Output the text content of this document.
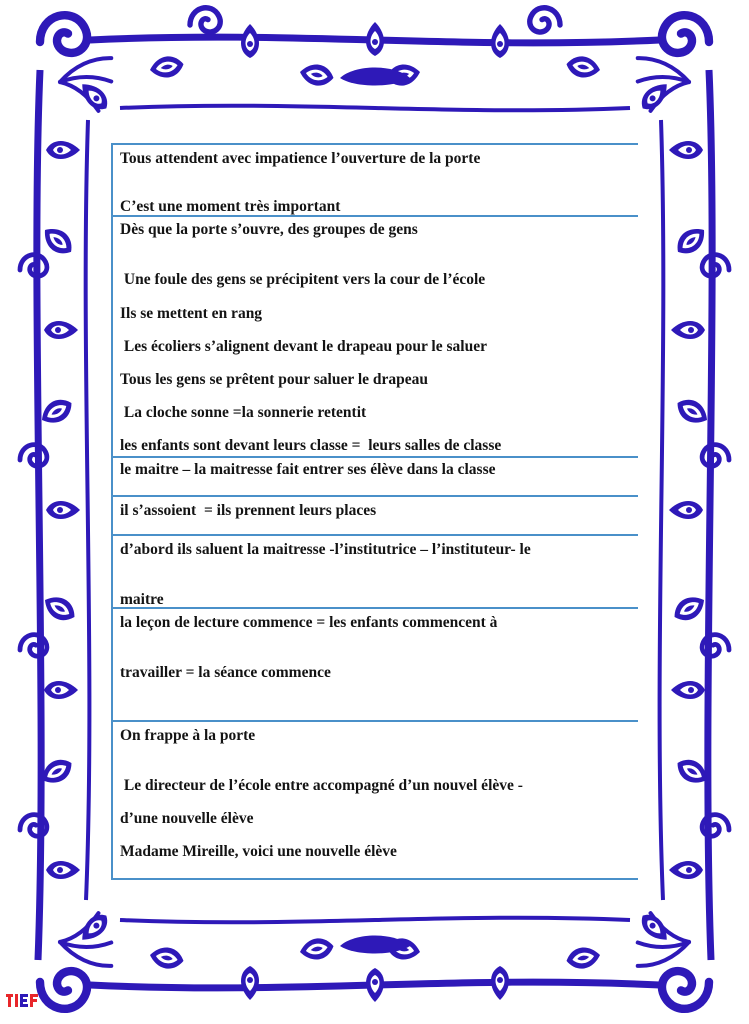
Tous attendent avec impatience l’ouverture de la porte
C’est une moment très important
Dès que la porte s’ouvre, des groupes de gens
Une foule des gens se précipitent vers la cour de l’école
Ils se mettent en rang
Les écoliers s’alignent devant le drapeau pour le saluer
Tous les gens se prêtent pour saluer le drapeau
La cloche sonne =la sonnerie retentit
les enfants sont devant leurs classe =  leurs salles de classe
le maitre – la maitresse fait entrer ses élève dans la classe
il s’assoient  = ils prennent leurs places
d’abord ils saluent la maitresse -l’institutrice – l’instituteur- le
maitre
la leçon de lecture commence = les enfants commencent à
travailler = la séance commence
On frappe à la porte
Le directeur de l’école entre accompagné d’un nouvel élève -
d’une nouvelle élève
Madame Mireille, voici une nouvelle élève
